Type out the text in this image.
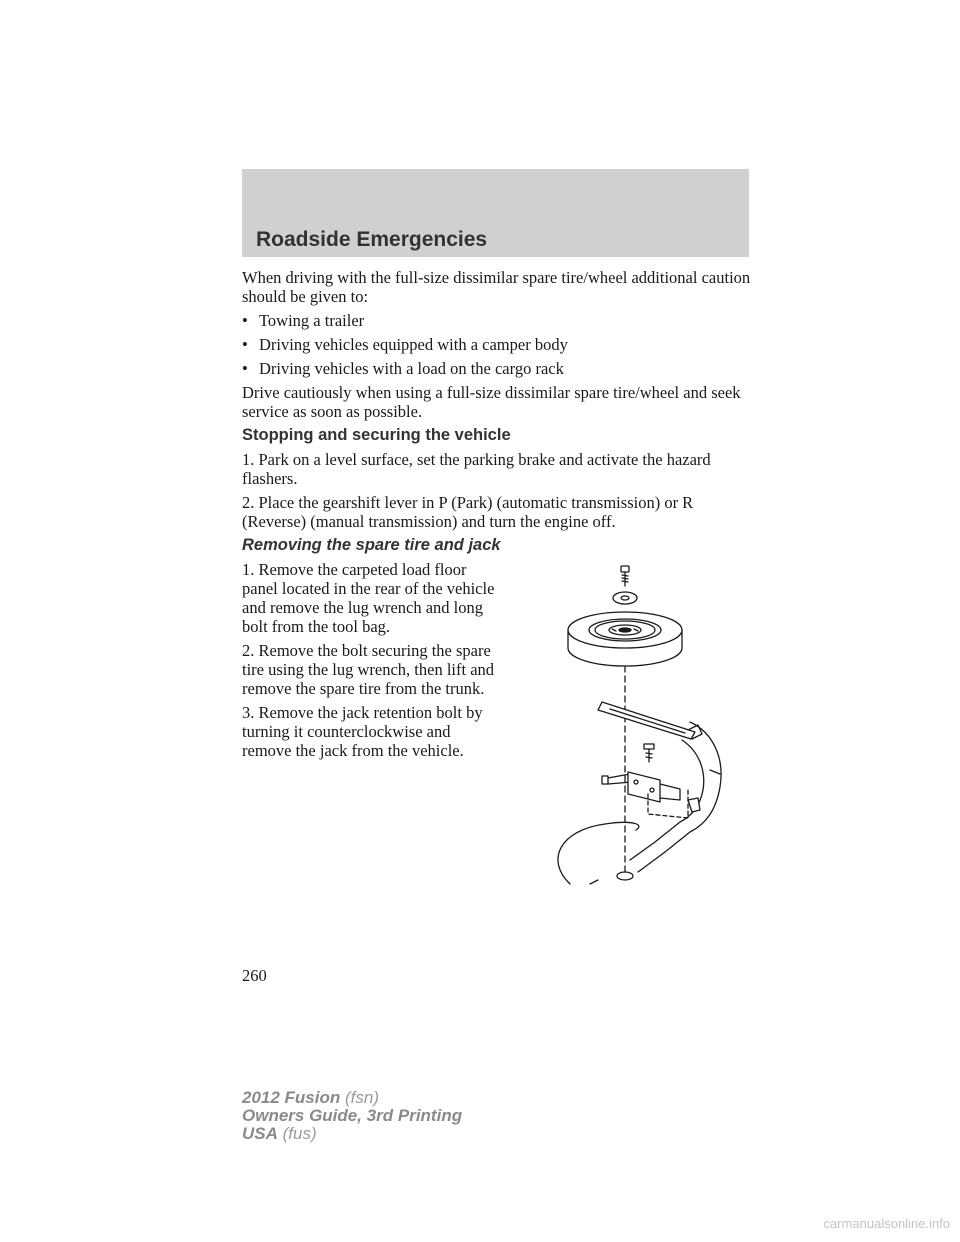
Roadside Emergencies

When driving with the full-size dissimilar spare tire/wheel additional caution should be given to:

• Towing a trailer
• Driving vehicles equipped with a camper body
• Driving vehicles with a load on the cargo rack

Drive cautiously when using a full-size dissimilar spare tire/wheel and seek service as soon as possible.

Stopping and securing the vehicle

1. Park on a level surface, set the parking brake and activate the hazard flashers.

2. Place the gearshift lever in P (Park) (automatic transmission) or R (Reverse) (manual transmission) and turn the engine off.

Removing the spare tire and jack

1. Remove the carpeted load floor panel located in the rear of the vehicle and remove the lug wrench and long bolt from the tool bag.

2. Remove the bolt securing the spare tire using the lug wrench, then lift and remove the spare tire from the trunk.

3. Remove the jack retention bolt by turning it counterclockwise and remove the jack from the vehicle.

260
2012 Fusion (fsn)
Owners Guide, 3rd Printing
USA (fus)
carmanualsonline.info
